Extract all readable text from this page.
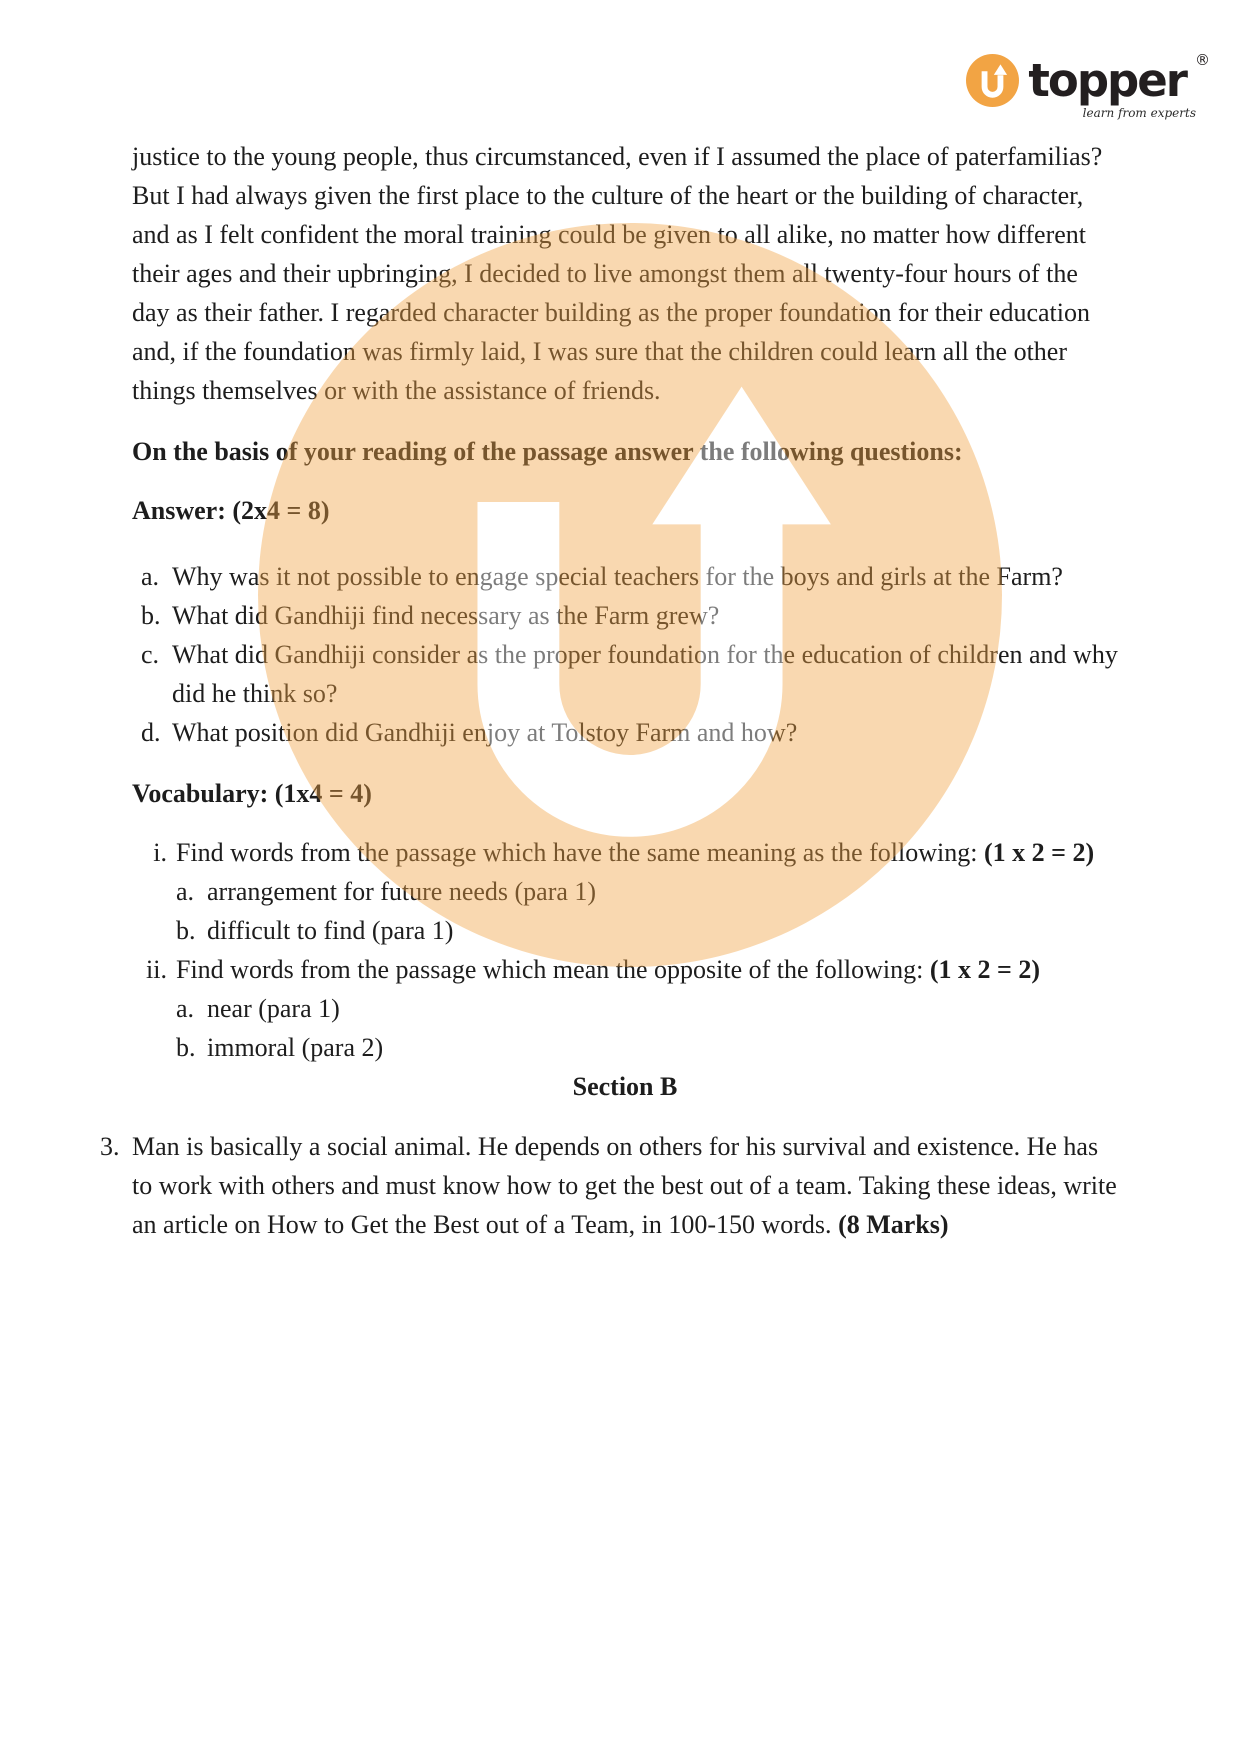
topper ®
learn from experts

justice to the young people, thus circumstanced, even if I assumed the place of paterfamilias? But I had always given the first place to the culture of the heart or the building of character, and as I felt confident the moral training could be given to all alike, no matter how different their ages and their upbringing, I decided to live amongst them all twenty-four hours of the day as their father. I regarded character building as the proper foundation for their education and, if the foundation was firmly laid, I was sure that the children could learn all the other things themselves or with the assistance of friends.

On the basis of your reading of the passage answer the following questions:

Answer: (2x4 = 8)

a. Why was it not possible to engage special teachers for the boys and girls at the Farm?
b. What did Gandhiji find necessary as the Farm grew?
c. What did Gandhiji consider as the proper foundation for the education of children and why did he think so?
d. What position did Gandhiji enjoy at Tolstoy Farm and how?

Vocabulary: (1x4 = 4)

i. Find words from the passage which have the same meaning as the following: (1 x 2 = 2)
a. arrangement for future needs (para 1)
b. difficult to find (para 1)
ii. Find words from the passage which mean the opposite of the following: (1 x 2 = 2)
a. near (para 1)
b. immoral (para 2)

Section B

3. Man is basically a social animal. He depends on others for his survival and existence. He has to work with others and must know how to get the best out of a team. Taking these ideas, write an article on How to Get the Best out of a Team, in 100-150 words. (8 Marks)
